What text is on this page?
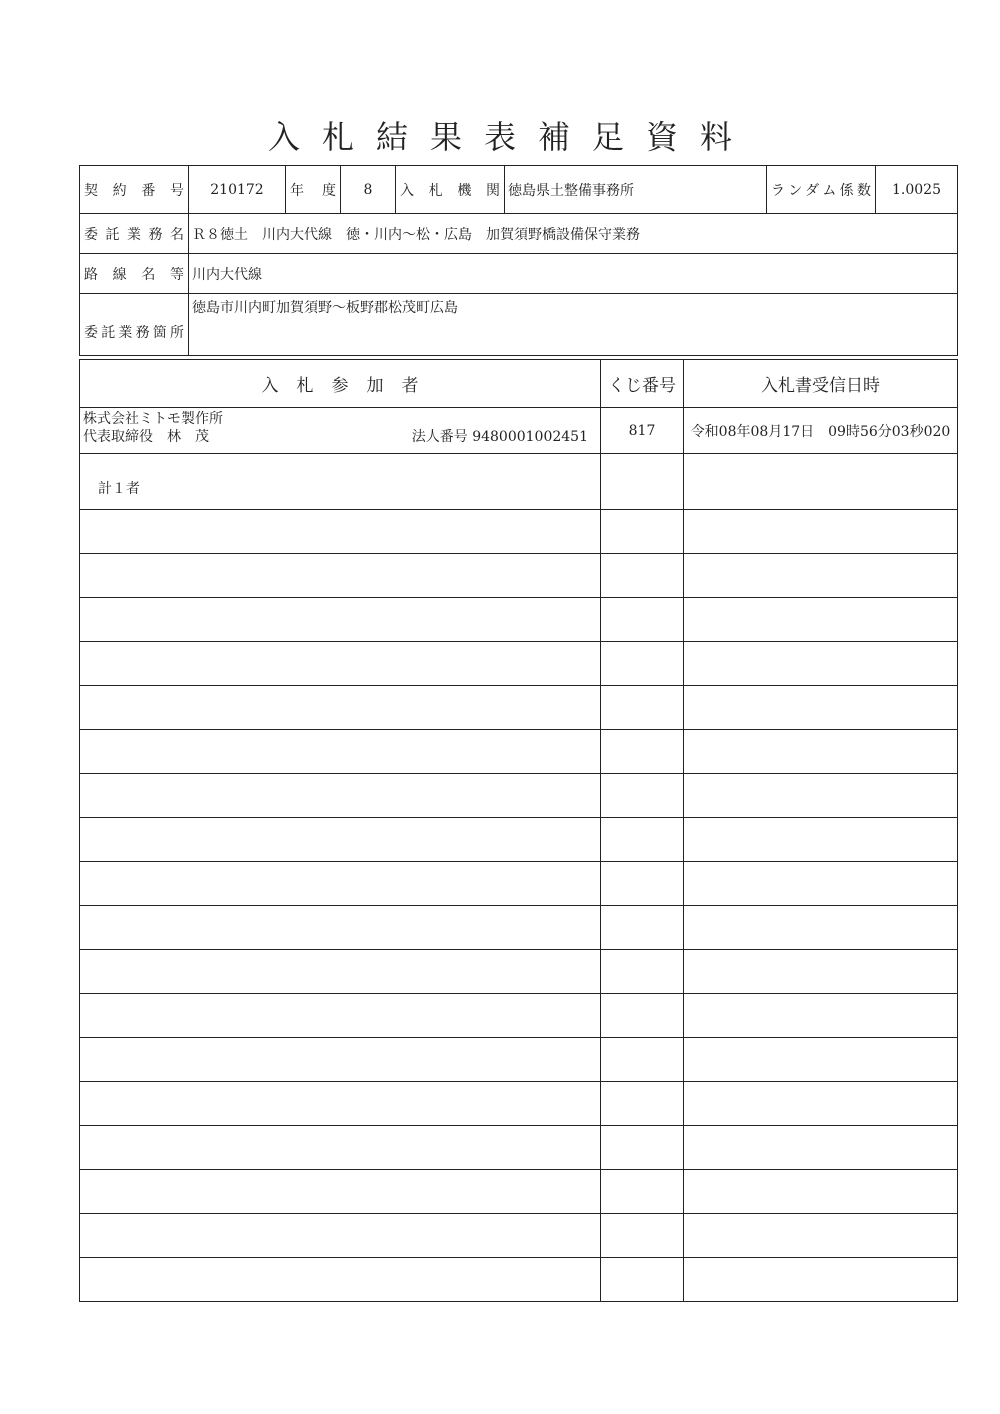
入札結果表補足資料
契約番号	210172	年度	8	入札機関	徳島県土整備事務所	ランダム係数	1.0025
委託業務名	Ｒ８徳土　川内大代線　徳・川内～松・広島　加賀須野橋設備保守業務						
路線名等	川内大代線						
委託業務箇所	徳島市川内町加賀須野～板野郡松茂町広島						
入札参加者	くじ番号	入札書受信日時

株式会社ミトモ製作所
代表取締役　林　茂 法人番号 9480001002451	817	令和08年08月17日　09時56分03秒020
計１者		
